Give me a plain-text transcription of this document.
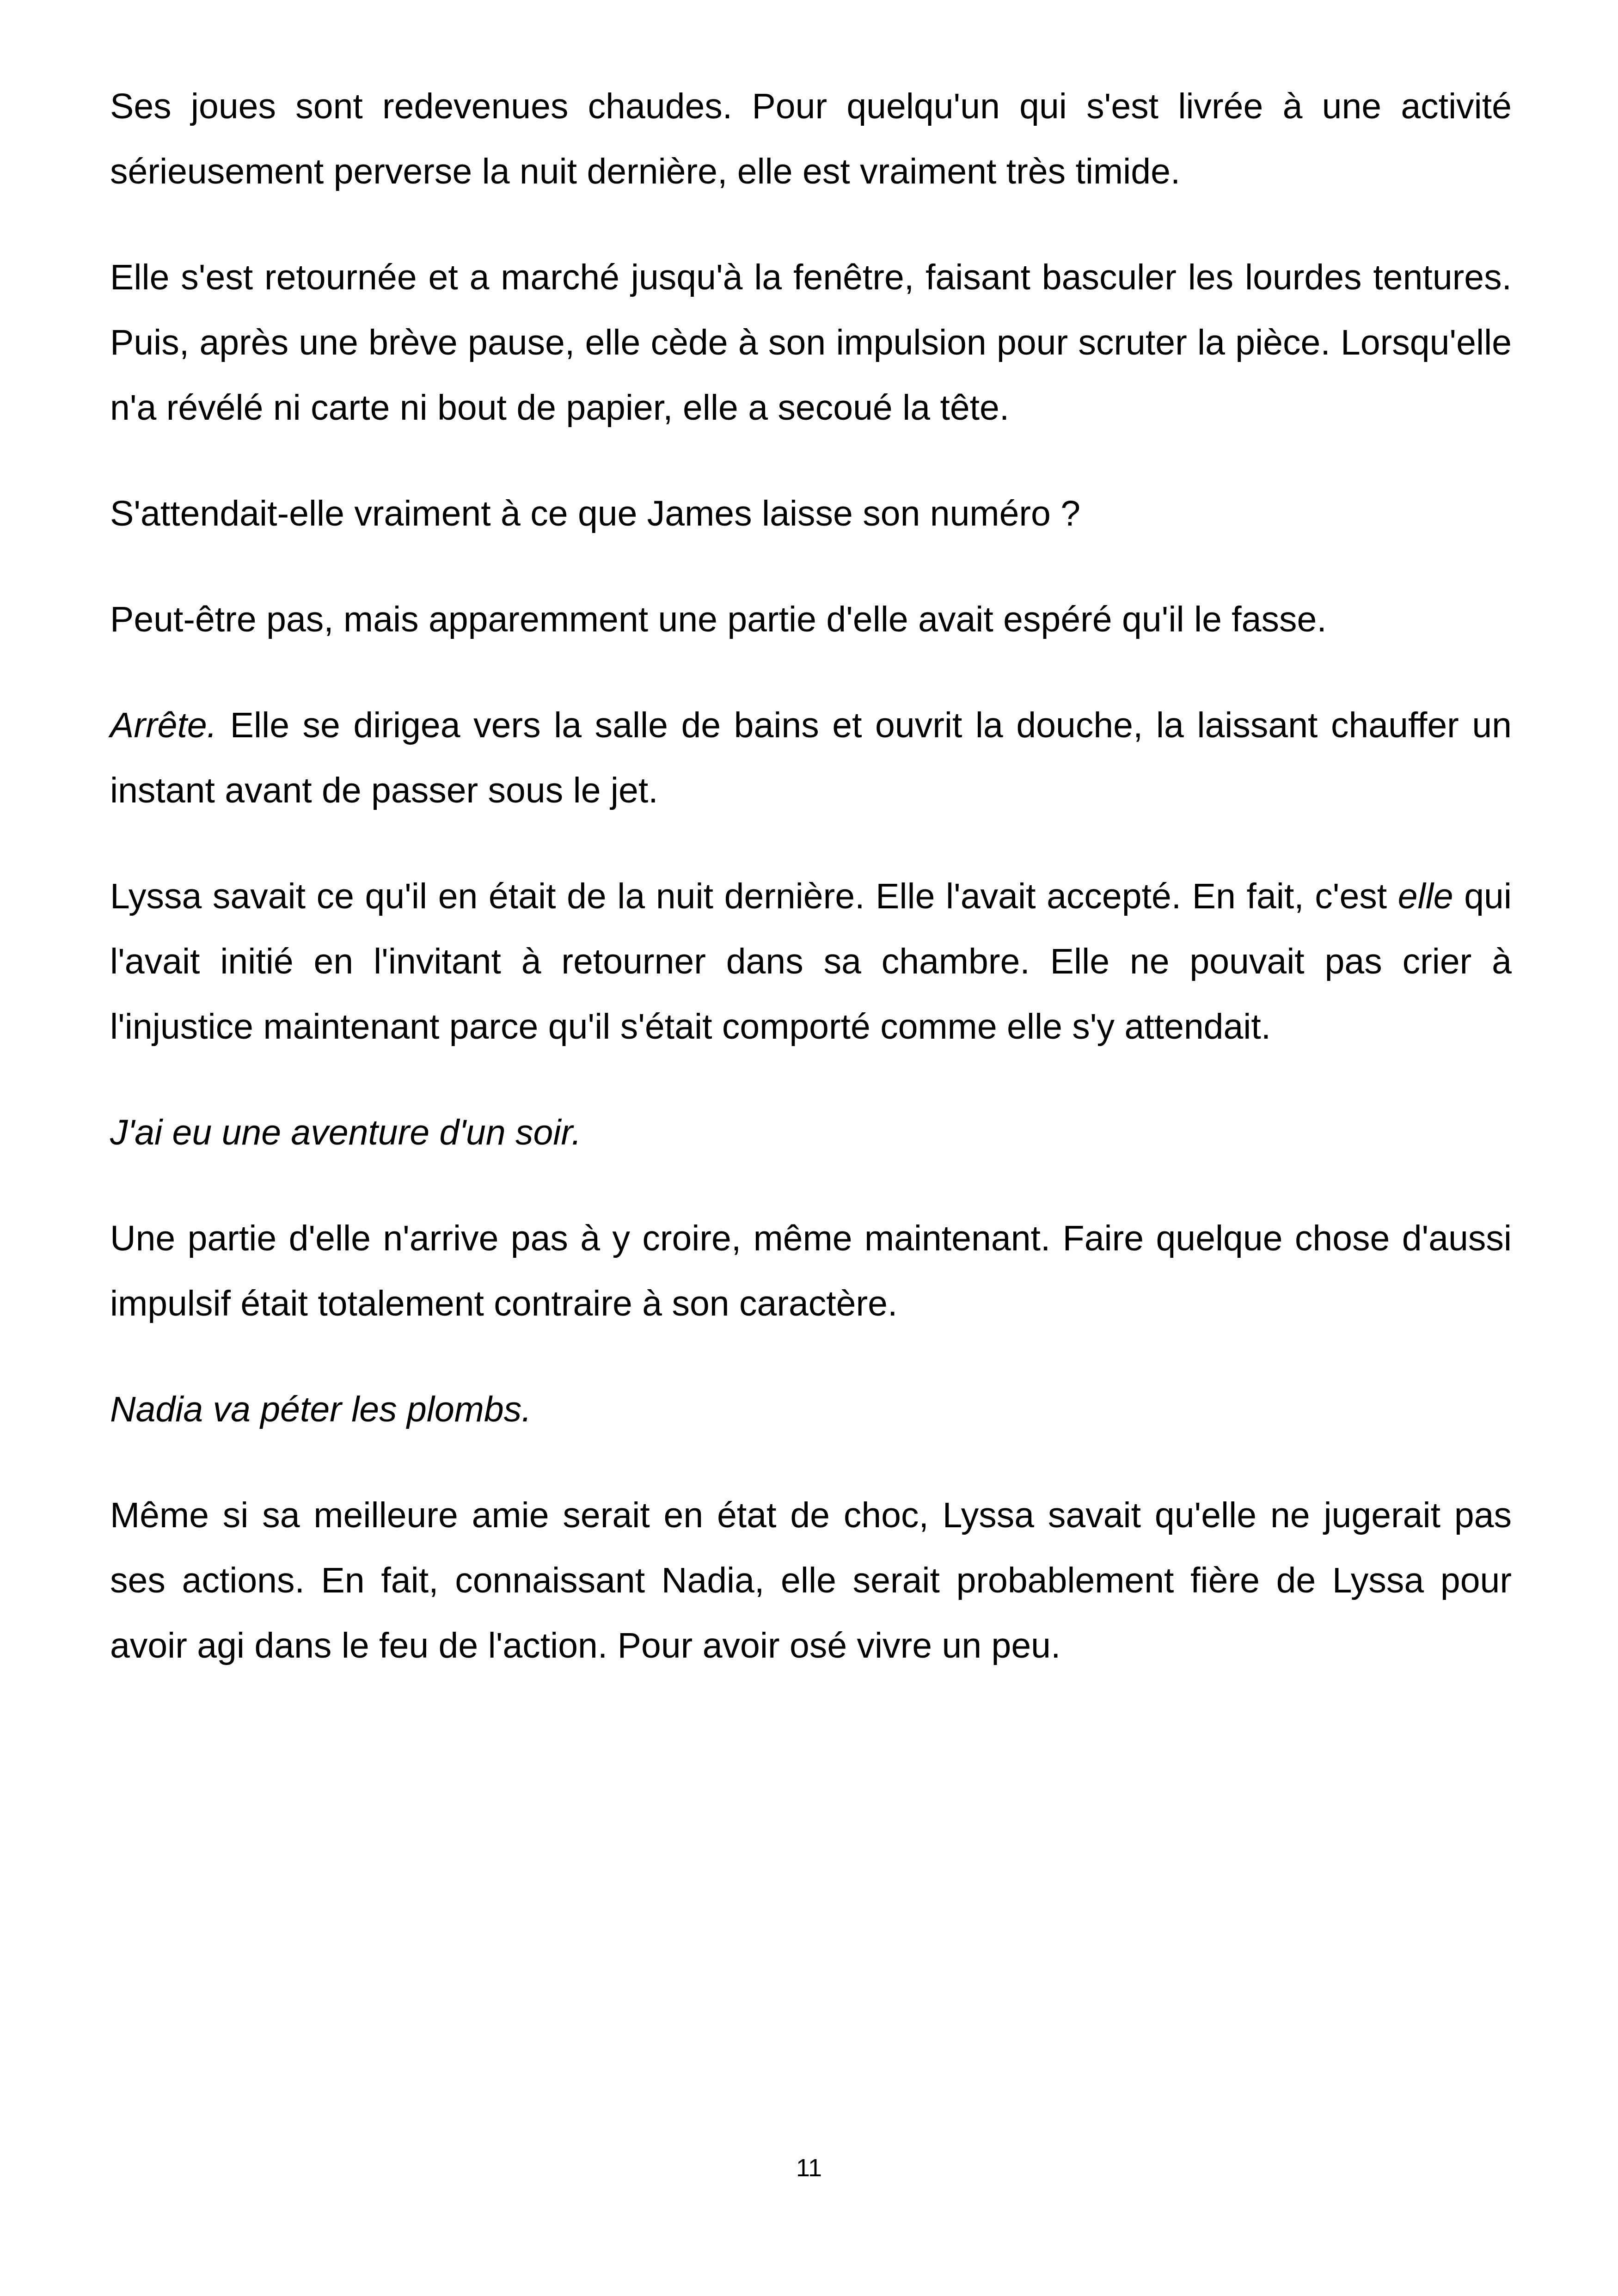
Ses joues sont redevenues chaudes. Pour quelqu'un qui s'est livrée à une activité sérieusement perverse la nuit dernière, elle est vraiment très timide.

Elle s'est retournée et a marché jusqu'à la fenêtre, faisant basculer les lourdes tentures. Puis, après une brève pause, elle cède à son impulsion pour scruter la pièce. Lorsqu'elle n'a révélé ni carte ni bout de papier, elle a secoué la tête.

S'attendait-elle vraiment à ce que James laisse son numéro ?

Peut-être pas, mais apparemment une partie d'elle avait espéré qu'il le fasse.

Arrête. Elle se dirigea vers la salle de bains et ouvrit la douche, la laissant chauffer un instant avant de passer sous le jet.

Lyssa savait ce qu'il en était de la nuit dernière. Elle l'avait accepté. En fait, c'est elle qui l'avait initié en l'invitant à retourner dans sa chambre. Elle ne pouvait pas crier à l'injustice maintenant parce qu'il s'était comporté comme elle s'y attendait.

J'ai eu une aventure d'un soir.

Une partie d'elle n'arrive pas à y croire, même maintenant. Faire quelque chose d'aussi impulsif était totalement contraire à son caractère.

Nadia va péter les plombs.

Même si sa meilleure amie serait en état de choc, Lyssa savait qu'elle ne jugerait pas ses actions. En fait, connaissant Nadia, elle serait probablement fière de Lyssa pour avoir agi dans le feu de l'action. Pour avoir osé vivre un peu.

11
